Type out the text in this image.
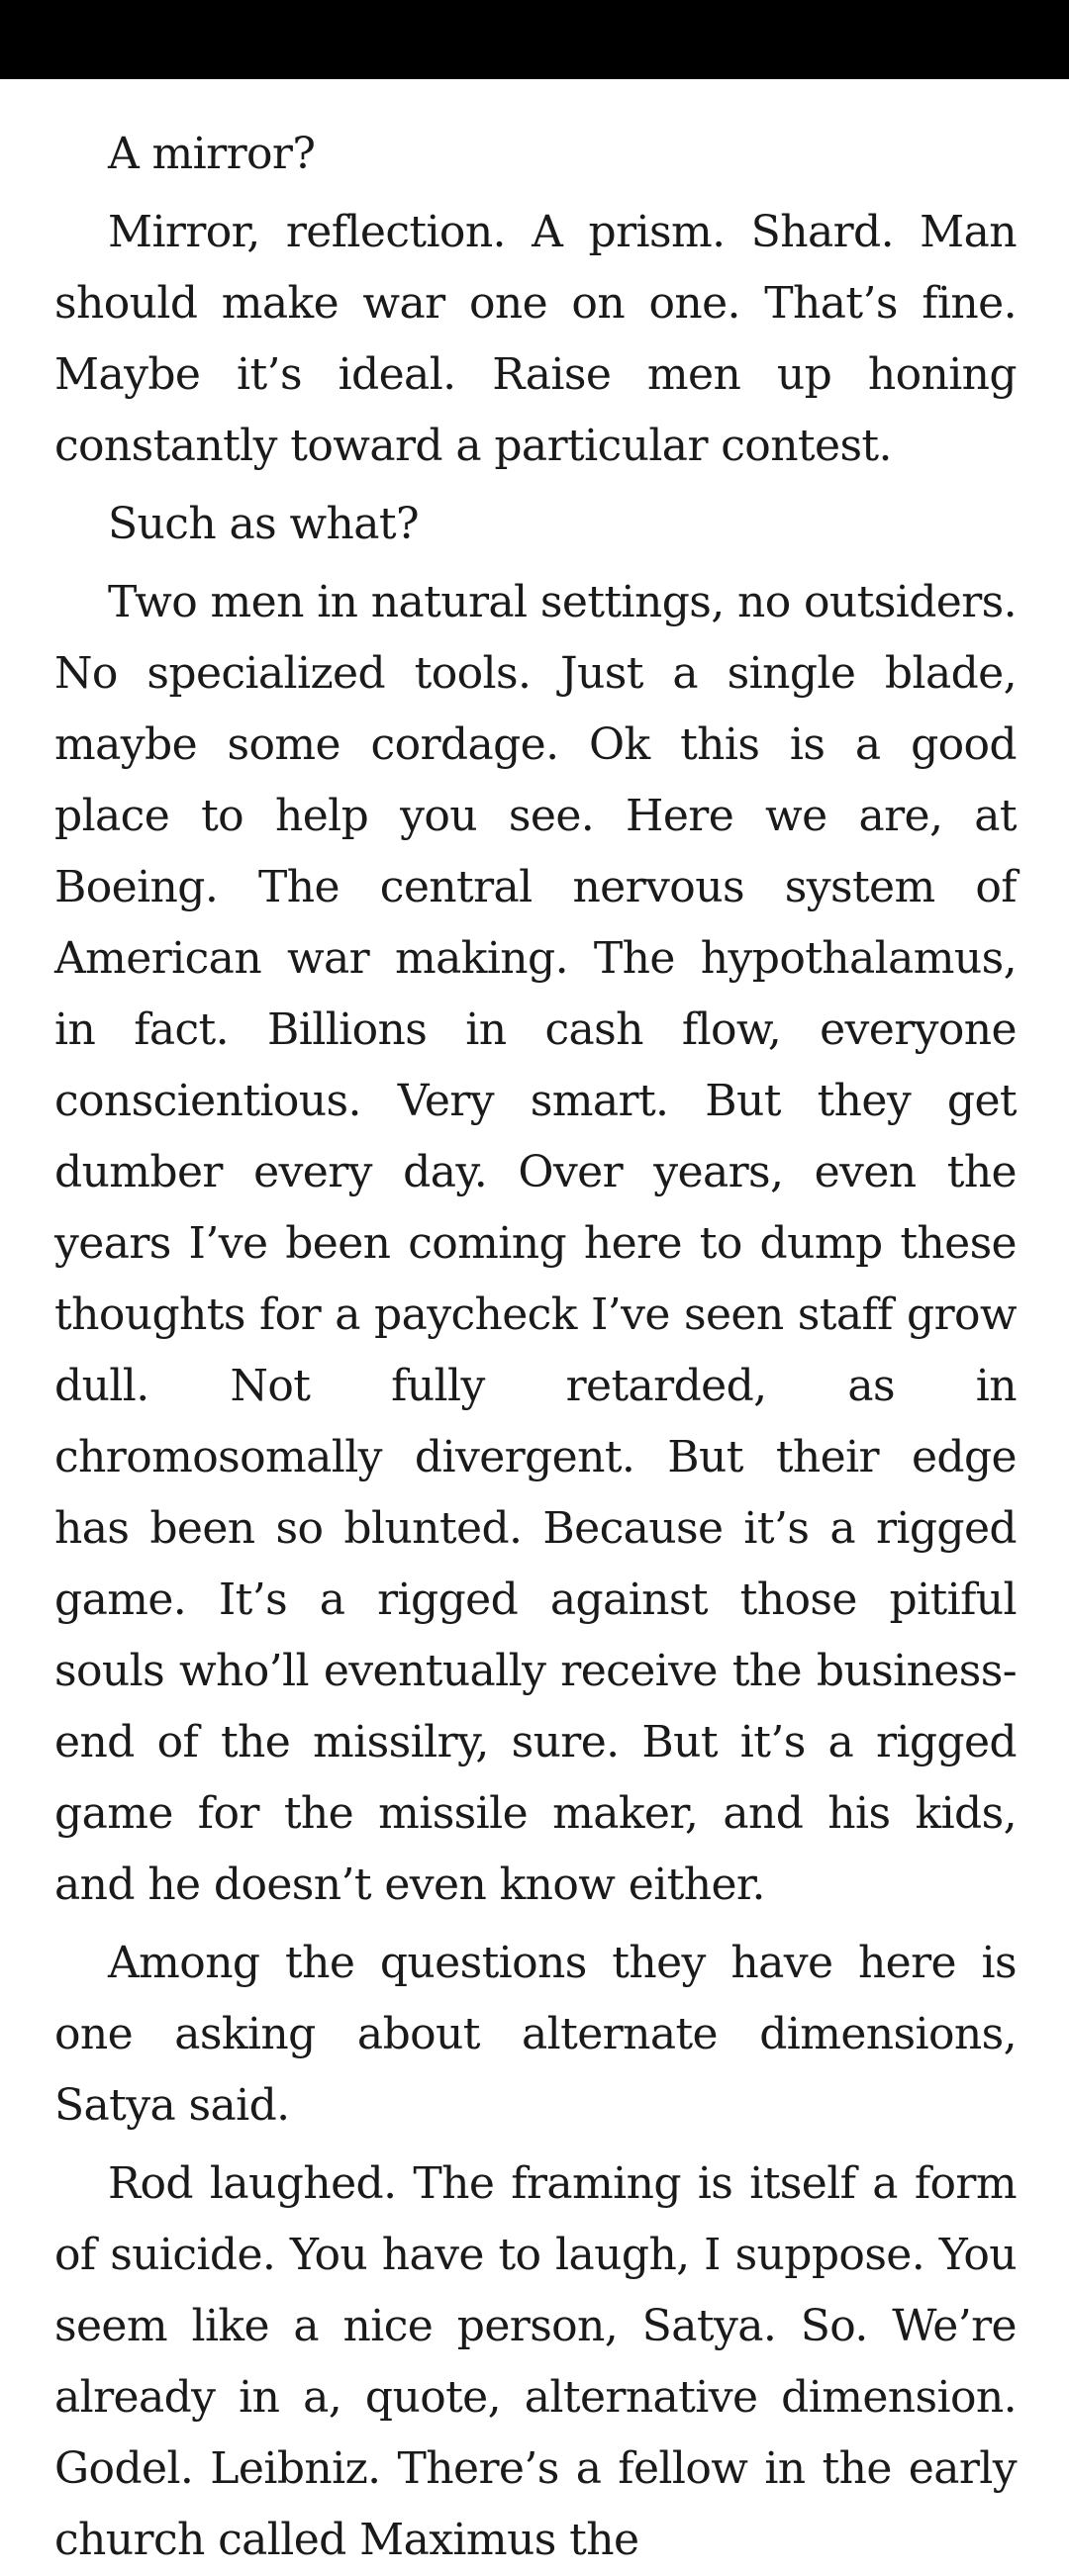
A mirror?

Mirror, reflection. A prism. Shard. Man should make war one on one. That’s fine. Maybe it’s ideal. Raise men up honing constantly toward a particular contest.

Such as what?

Two men in natural settings, no outsiders. No specialized tools. Just a single blade, maybe some cordage. Ok this is a good place to help you see. Here we are, at Boeing. The central nervous system of American war making. The hypothalamus, in fact. Billions in cash flow, everyone conscientious. Very smart. But they get dumber every day. Over years, even the years I’ve been coming here to dump these thoughts for a paycheck I’ve seen staff grow dull. Not fully retarded, as in chromosomally divergent. But their edge has been so blunted. Because it’s a rigged game. It’s a rigged against those pitiful souls who’ll eventually receive the business-end of the missilry, sure. But it’s a rigged game for the missile maker, and his kids, and he doesn’t even know either.

Among the questions they have here is one asking about alternate dimensions, Satya said.

Rod laughed. The framing is itself a form of suicide. You have to laugh, I suppose. You seem like a nice person, Satya. So. We’re already in a, quote, alternative dimension. Godel. Leibniz. There’s a fellow in the early church called Maximus the
